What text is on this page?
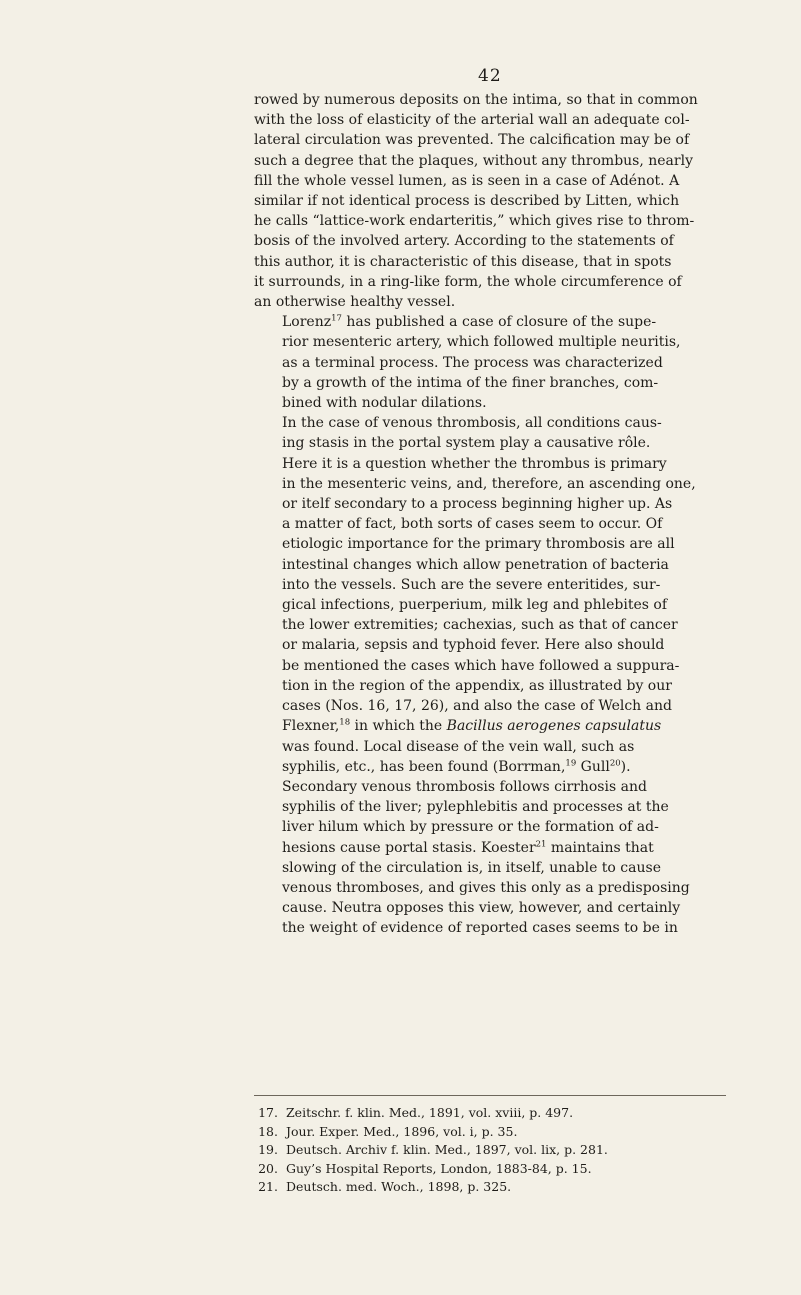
42

rowed by numerous deposits on the intima, so that in common
with the loss of elasticity of the arterial wall an adequate col-
lateral circulation was prevented. The calcification may be of
such a degree that the plaques, without any thrombus, nearly
fill the whole vessel lumen, as is seen in a case of Adénot. A
similar if not identical process is described by Litten, which
he calls “lattice-work endarteritis,” which gives rise to throm-
bosis of the involved artery. According to the statements of
this author, it is characteristic of this disease, that in spots
it surrounds, in a ring-like form, the whole circumference of
an otherwise healthy vessel.

Lorenz$^{17}$ has published a case of closure of the supe-
rior mesenteric artery, which followed multiple neuritis,
as a terminal process. The process was characterized
by a growth of the intima of the finer branches, com-
bined with nodular dilations.

In the case of venous thrombosis, all conditions caus-
ing stasis in the portal system play a causative rôle.
Here it is a question whether the thrombus is primary
in the mesenteric veins, and, therefore, an ascending one,
or itelf secondary to a process beginning higher up. As
a matter of fact, both sorts of cases seem to occur. Of
etiologic importance for the primary thrombosis are all
intestinal changes which allow penetration of bacteria
into the vessels. Such are the severe enteritides, sur-
gical infections, puerperium, milk leg and phlebites of
the lower extremities; cachexias, such as that of cancer
or malaria, sepsis and typhoid fever. Here also should
be mentioned the cases which have followed a suppura-
tion in the region of the appendix, as illustrated by our
cases (Nos. 16, 17, 26), and also the case of Welch and
Flexner,$^{18}$ in which the Bacillus aerogenes capsulatus
was found. Local disease of the vein wall, such as
syphilis, etc., has been found (Borrman,$^{19}$ Gull$^{20}$).

Secondary venous thrombosis follows cirrhosis and
syphilis of the liver; pylephlebitis and processes at the
liver hilum which by pressure or the formation of ad-
hesions cause portal stasis. Koester$^{21}$ maintains that
slowing of the circulation is, in itself, unable to cause
venous thromboses, and gives this only as a predisposing
cause. Neutra opposes this view, however, and certainly
the weight of evidence of reported cases seems to be in

17. Zeitschr. f. klin. Med., 1891, vol. xviii, p. 497.
18. Jour. Exper. Med., 1896, vol. i, p. 35.
19. Deutsch. Archiv f. klin. Med., 1897, vol. lix, p. 281.
20. Guy’s Hospital Reports, London, 1883-84, p. 15.
21. Deutsch. med. Woch., 1898, p. 325.
